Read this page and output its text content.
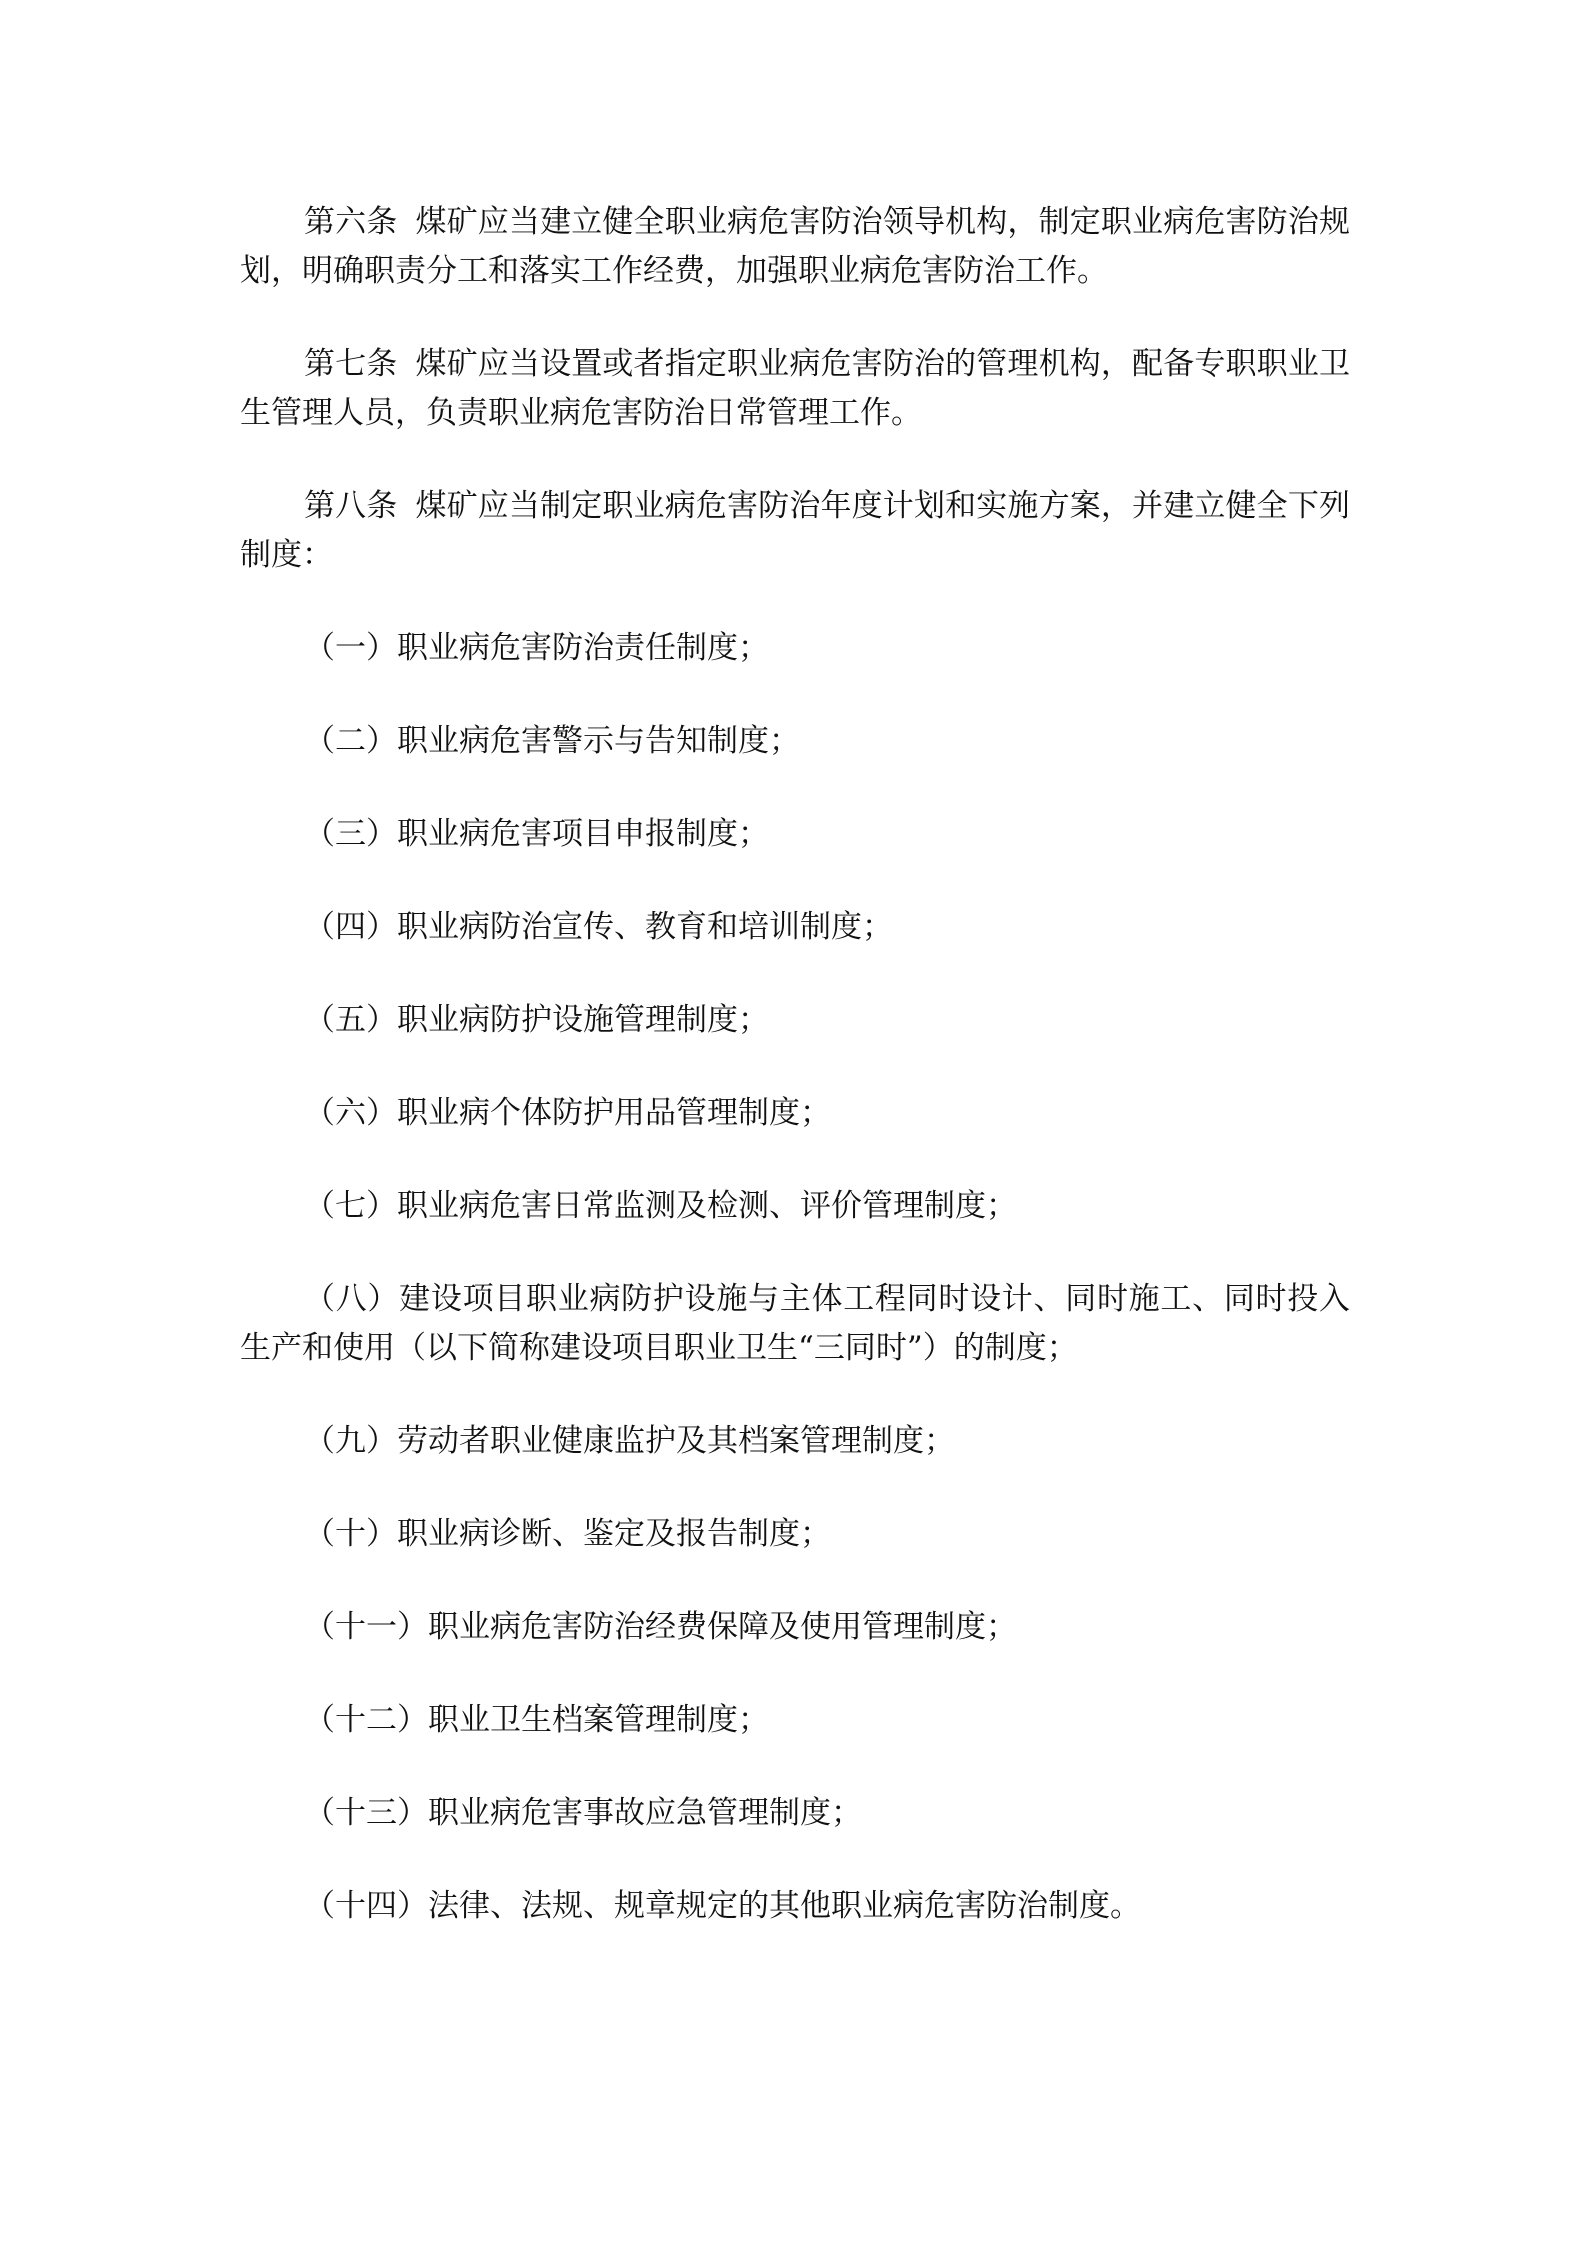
第六条 煤矿应当建立健全职业病危害防治领导机构，制定职业病危害防治规划，明确职责分工和落实工作经费，加强职业病危害防治工作。

第七条 煤矿应当设置或者指定职业病危害防治的管理机构，配备专职职业卫生管理人员，负责职业病危害防治日常管理工作。

第八条 煤矿应当制定职业病危害防治年度计划和实施方案，并建立健全下列制度：

（一）职业病危害防治责任制度；

（二）职业病危害警示与告知制度；

（三）职业病危害项目申报制度；

（四）职业病防治宣传、教育和培训制度；

（五）职业病防护设施管理制度；

（六）职业病个体防护用品管理制度；

（七）职业病危害日常监测及检测、评价管理制度；

（八）建设项目职业病防护设施与主体工程同时设计、同时施工、同时投入生产和使用（以下简称建设项目职业卫生“三同时”）的制度；

（九）劳动者职业健康监护及其档案管理制度；

（十）职业病诊断、鉴定及报告制度；

（十一）职业病危害防治经费保障及使用管理制度；

（十二）职业卫生档案管理制度；

（十三）职业病危害事故应急管理制度；

（十四）法律、法规、规章规定的其他职业病危害防治制度。
